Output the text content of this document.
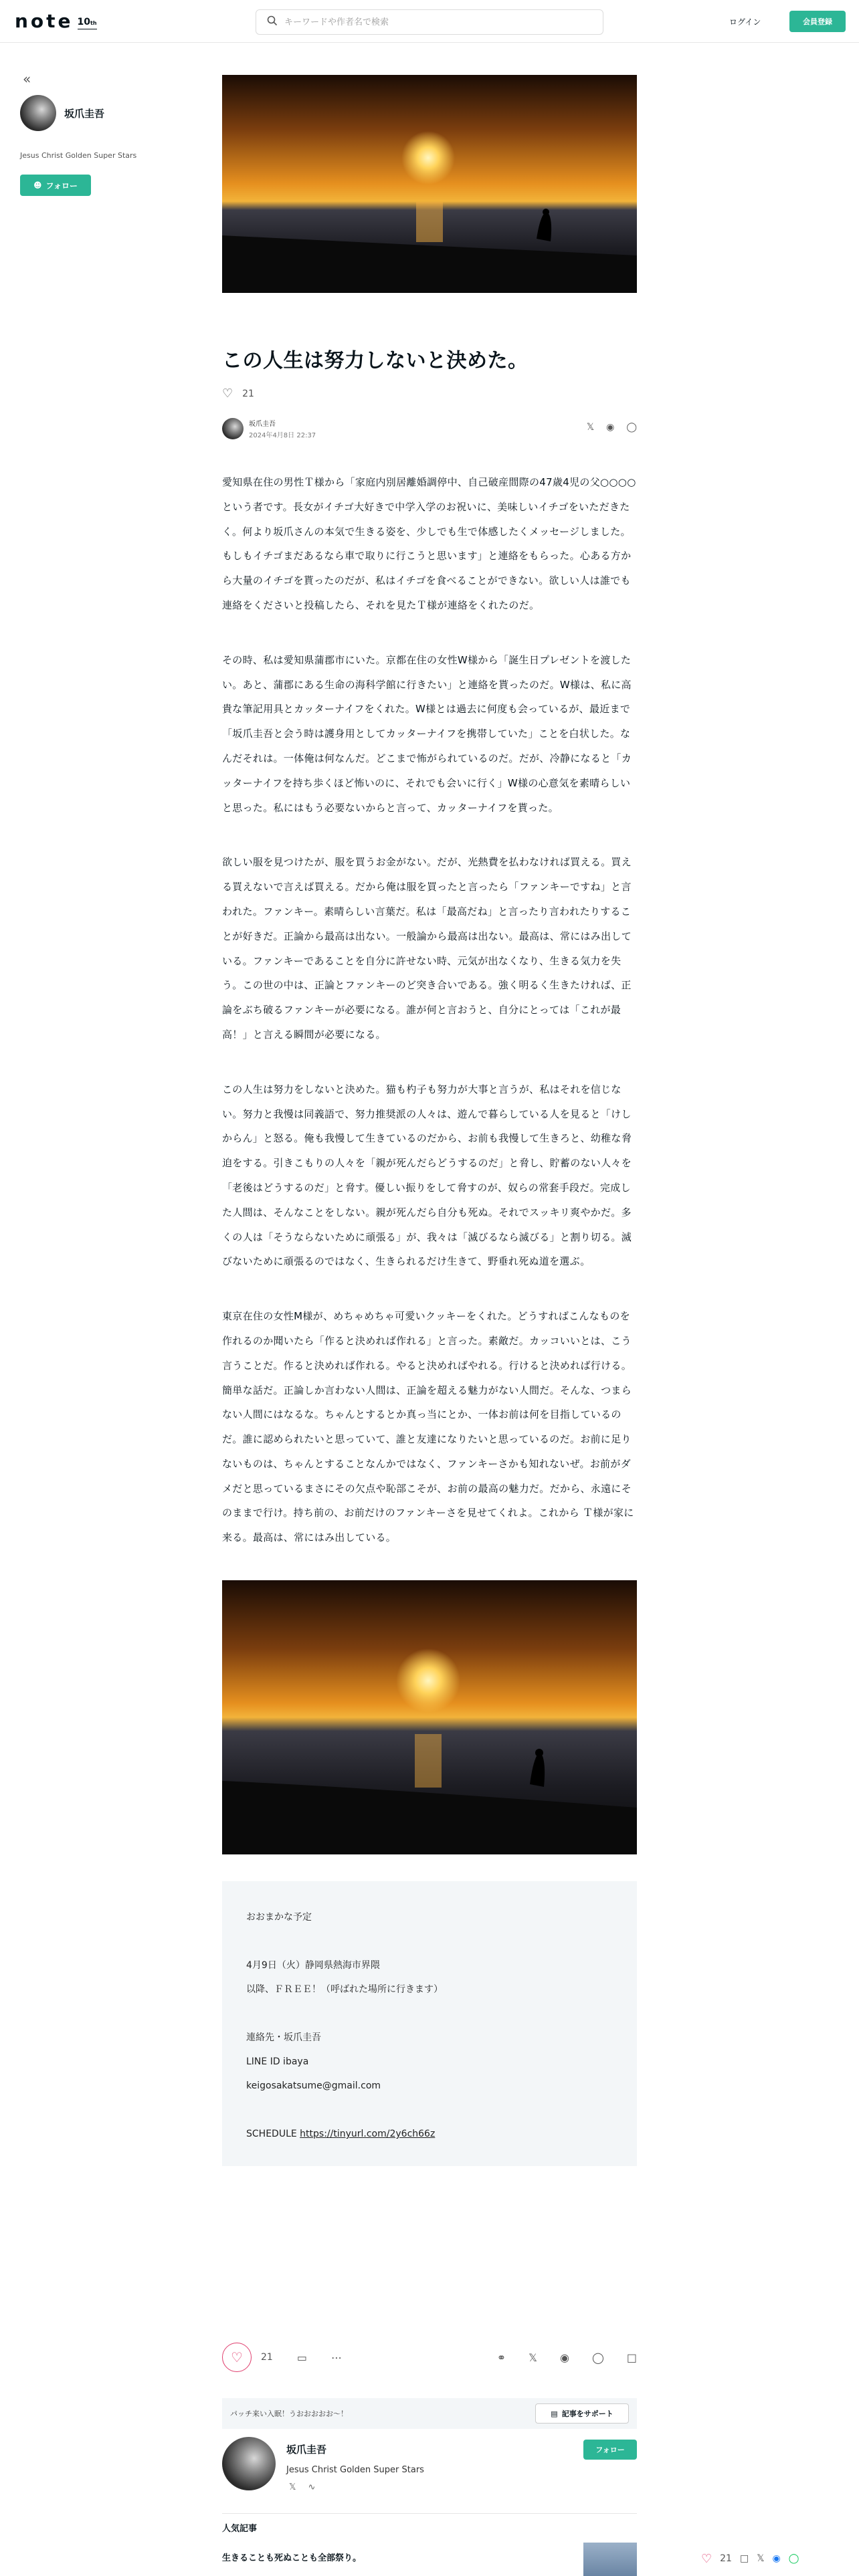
note 10th
キーワードや作者名で検索	ログイン	会員登録
«
坂爪圭吾
Jesus Christ Golden Super Stars
☻ フォロー
この人生は努力しないと決めた。
♡ 21
坂爪圭吾
2024年4月8日 22:37
𝕏 ◉ ◯

愛知県在住の男性Ｔ様から「家庭内別居離婚調停中、自己破産間際の47歳4児の父○○○○という者です。長女がイチゴ大好きで中学入学のお祝いに、美味しいイチゴをいただきたく。何より坂爪さんの本気で生きる姿を、少しでも生で体感したくメッセージしました。もしもイチゴまだあるなら車で取りに行こうと思います」と連絡をもらった。心ある方から大量のイチゴを貰ったのだが、私はイチゴを食べることができない。欲しい人は誰でも連絡をくださいと投稿したら、それを見たＴ様が連絡をくれたのだ。

その時、私は愛知県蒲郡市にいた。京都在住の女性W様から「誕生日プレゼントを渡したい。あと、蒲郡にある生命の海科学館に行きたい」と連絡を貰ったのだ。W様は、私に高貴な筆記用具とカッターナイフをくれた。W様とは過去に何度も会っているが、最近まで「坂爪圭吾と会う時は護身用としてカッターナイフを携帯していた」ことを白状した。なんだそれは。一体俺は何なんだ。どこまで怖がられているのだ。だが、冷静になると「カッターナイフを持ち歩くほど怖いのに、それでも会いに行く」W様の心意気を素晴らしいと思った。私にはもう必要ないからと言って、カッターナイフを貰った。

欲しい服を見つけたが、服を買うお金がない。だが、光熱費を払わなければ買える。買える買えないで言えば買える。だから俺は服を買ったと言ったら「ファンキーですね」と言われた。ファンキー。素晴らしい言葉だ。私は「最高だね」と言ったり言われたりすることが好きだ。正論から最高は出ない。一般論から最高は出ない。最高は、常にはみ出している。ファンキーであることを自分に許せない時、元気が出なくなり、生きる気力を失う。この世の中は、正論とファンキーのど突き合いである。強く明るく生きたければ、正論をぶち破るファンキーが必要になる。誰が何と言おうと、自分にとっては「これが最高！」と言える瞬間が必要になる。

この人生は努力をしないと決めた。猫も杓子も努力が大事と言うが、私はそれを信じない。努力と我慢は同義語で、努力推奨派の人々は、遊んで暮らしている人を見ると「けしからん」と怒る。俺も我慢して生きているのだから、お前も我慢して生きろと、幼稚な脅迫をする。引きこもりの人々を「親が死んだらどうするのだ」と脅し、貯蓄のない人々を「老後はどうするのだ」と脅す。優しい振りをして脅すのが、奴らの常套手段だ。完成した人間は、そんなことをしない。親が死んだら自分も死ぬ。それでスッキリ爽やかだ。多くの人は「そうならないために頑張る」が、我々は「滅びるなら滅びる」と割り切る。滅びないために頑張るのではなく、生きられるだけ生きて、野垂れ死ぬ道を選ぶ。

東京在住の女性M様が、めちゃめちゃ可愛いクッキーをくれた。どうすればこんなものを作れるのか聞いたら「作ると決めれば作れる」と言った。素敵だ。カッコいいとは、こう言うことだ。作ると決めれば作れる。やると決めればやれる。行けると決めれば行ける。簡単な話だ。正論しか言わない人間は、正論を超える魅力がない人間だ。そんな、つまらない人間にはなるな。ちゃんとするとか真っ当にとか、一体お前は何を目指しているのだ。誰に認められたいと思っていて、誰と友達になりたいと思っているのだ。お前に足りないものは、ちゃんとすることなんかではなく、ファンキーさかも知れないぜ。お前がダメだと思っているまさにその欠点や恥部こそが、お前の最高の魅力だ。だから、永遠にそのままで行け。持ち前の、お前だけのファンキーさを見せてくれよ。これから Ｔ様が家に来る。最高は、常にはみ出している。

おおまかな予定
4月9日（火）静岡県熱海市界隈
以降、ＦＲＥＥ！（呼ばれた場所に行きます）
連絡先・坂爪圭吾
LINE ID ibaya
keigosakatsume@gmail.com
SCHEDULE https://tinyurl.com/2y6ch66z
♡ 21 ▭ ⋯	⚭ 𝕏 ◉ ◯ □
パッチ来い入眠！うおおおおお〜！	▤ 記事をサポート
坂爪圭吾
Jesus Christ Golden Super Stars
𝕏 ∿
フォロー
人気記事
生きることも死ぬことも全部祭り。	♡ 21 □ 𝕏 ◉ ◯
